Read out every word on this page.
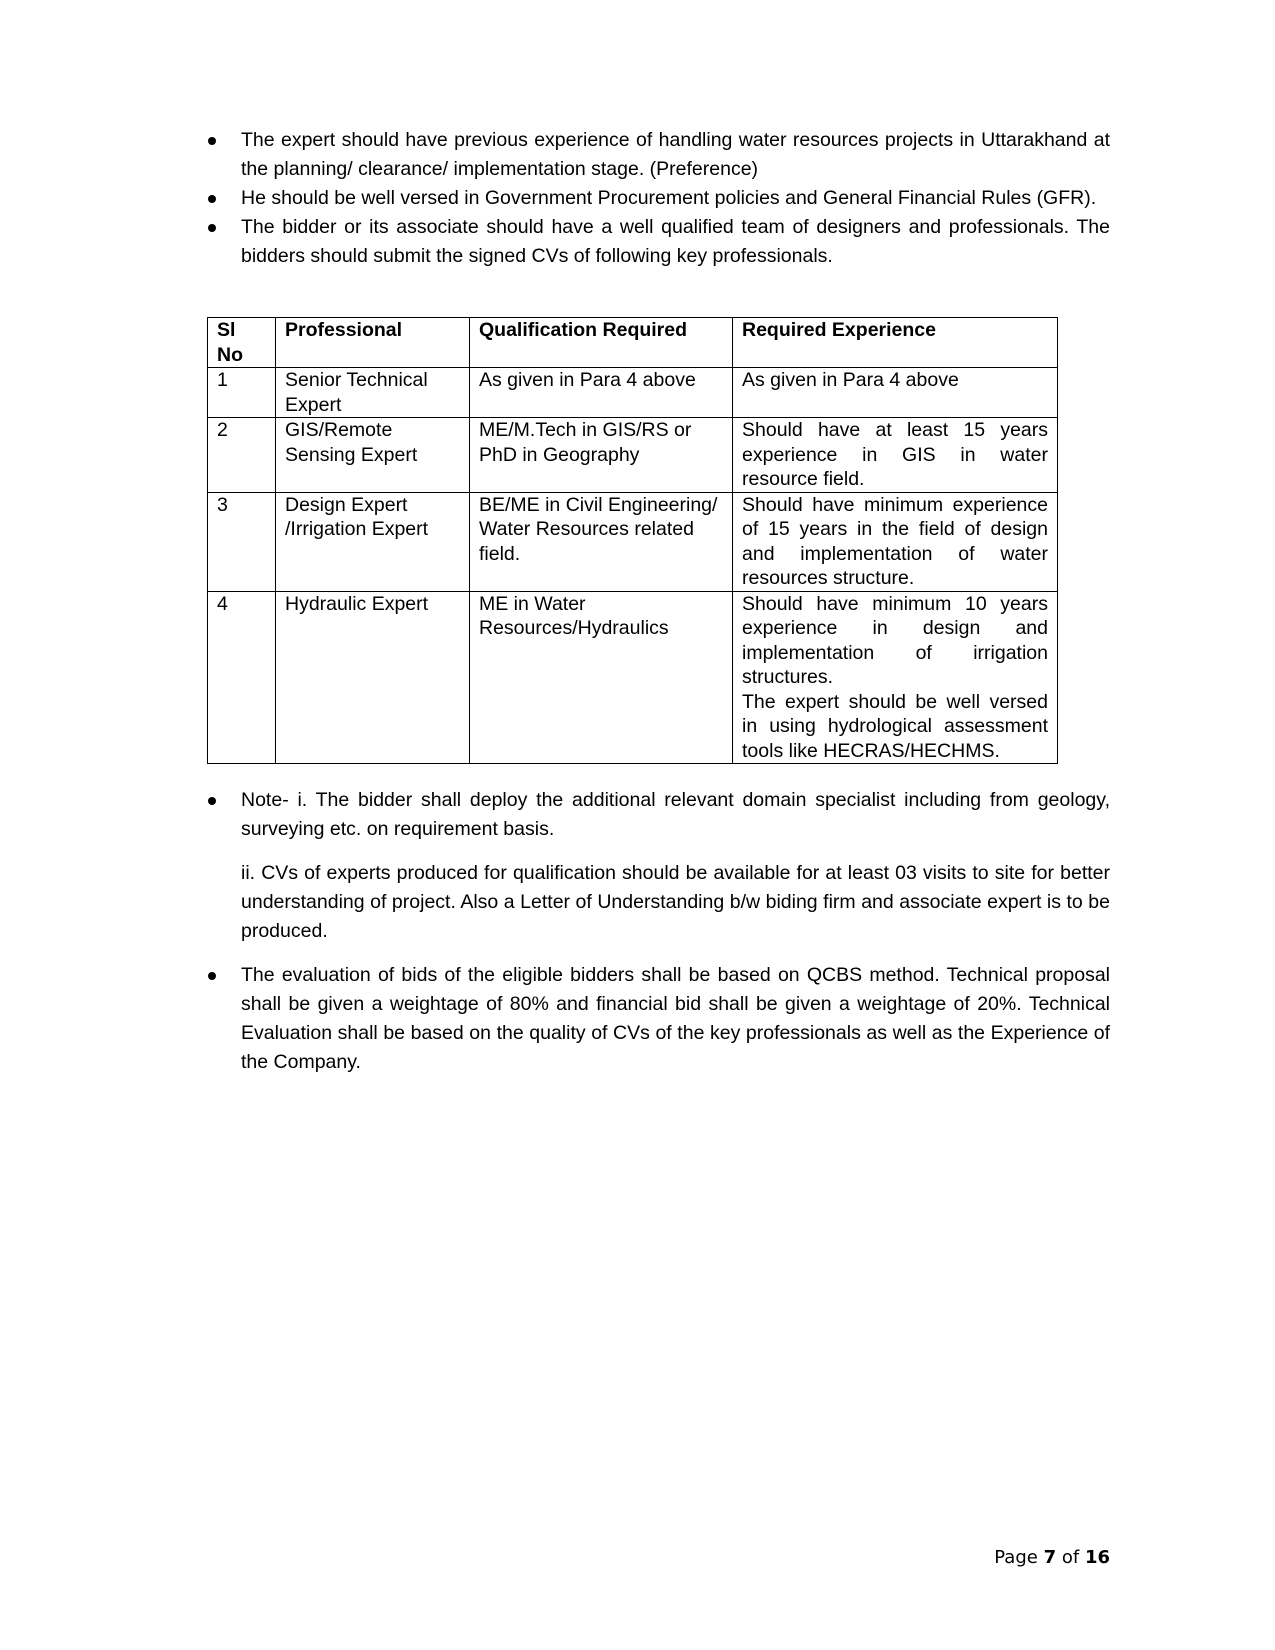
The expert should have previous experience of handling water resources projects in Uttarakhand at the planning/ clearance/ implementation stage. (Preference)
He should be well versed in Government Procurement policies and General Financial Rules (GFR).
The bidder or its associate should have a well qualified team of designers and professionals. The bidders should submit the signed CVs of following key professionals.
Sl No	Professional	Qualification Required	Required Experience
1	Senior Technical Expert	As given in Para 4 above	As given in Para 4 above
2	GIS/Remote Sensing Expert	ME/M.Tech in GIS/RS or PhD in Geography	Should have at least 15 years experience in GIS in water resource field.
3	Design Expert /Irrigation Expert	BE/ME in Civil Engineering/ Water Resources related field.	Should have minimum experience of 15 years in the field of design and implementation of water resources structure.
4	Hydraulic Expert	ME in Water Resources/Hydraulics	Should have minimum 10 years experience in design and implementation of irrigation structures.
The expert should be well versed in using hydrological assessment tools like HECRAS/HECHMS.

Note- i. The bidder shall deploy the additional relevant domain specialist including from geology, surveying etc. on requirement basis.

ii. CVs of experts produced for qualification should be available for at least 03 visits to site for better understanding of project. Also a Letter of Understanding b/w biding firm and associate expert is to be produced.

The evaluation of bids of the eligible bidders shall be based on QCBS method. Technical proposal shall be given a weightage of 80% and financial bid shall be given a weightage of 20%. Technical Evaluation shall be based on the quality of CVs of the key professionals as well as the Experience of the Company.
Page 7 of 16
